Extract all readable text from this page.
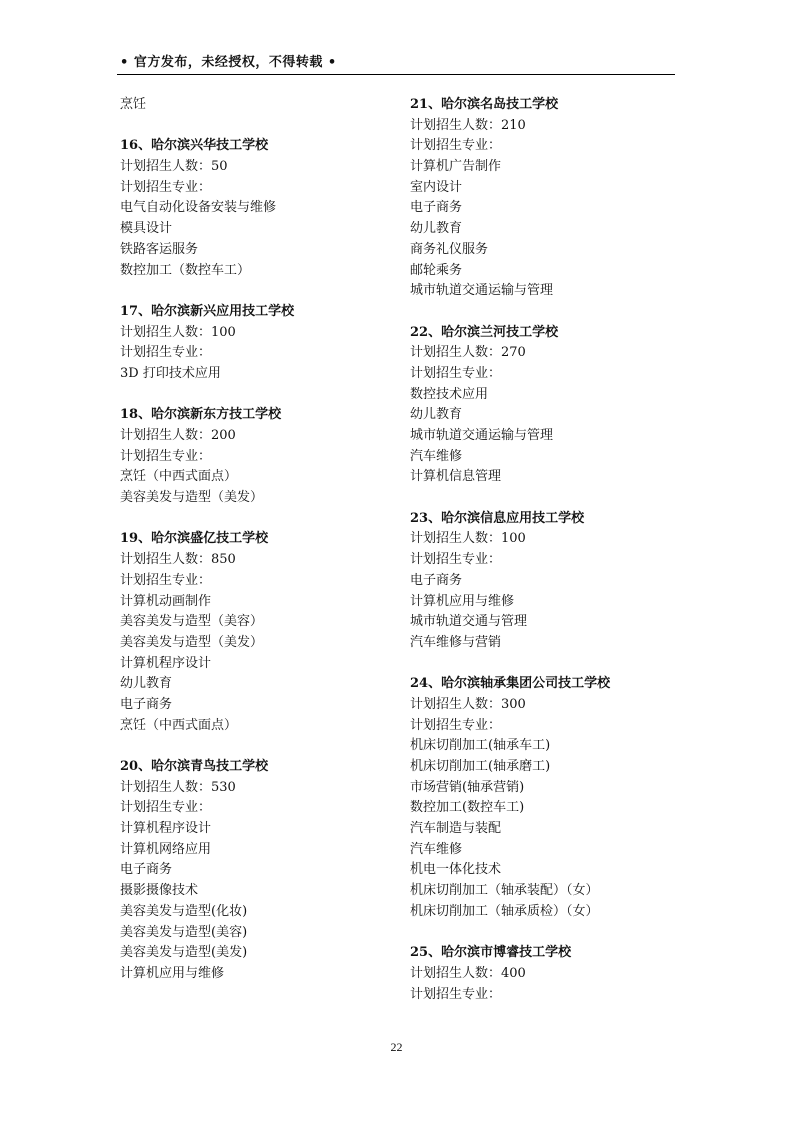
• 官方发布，未经授权，不得转载 •
烹饪
16、哈尔滨兴华技工学校
计划招生人数：50
计划招生专业：
电气自动化设备安装与维修
模具设计
铁路客运服务
数控加工（数控车工）
17、哈尔滨新兴应用技工学校
计划招生人数：100
计划招生专业：
3D 打印技术应用
18、哈尔滨新东方技工学校
计划招生人数：200
计划招生专业：
烹饪（中西式面点）
美容美发与造型（美发）
19、哈尔滨盛亿技工学校
计划招生人数：850
计划招生专业：
计算机动画制作
美容美发与造型（美容）
美容美发与造型（美发）
计算机程序设计
幼儿教育
电子商务
烹饪（中西式面点）
20、哈尔滨青鸟技工学校
计划招生人数：530
计划招生专业：
计算机程序设计
计算机网络应用
电子商务
摄影摄像技术
美容美发与造型(化妆)
美容美发与造型(美容)
美容美发与造型(美发)
计算机应用与维修
21、哈尔滨名岛技工学校
计划招生人数：210
计划招生专业：
计算机广告制作
室内设计
电子商务
幼儿教育
商务礼仪服务
邮轮乘务
城市轨道交通运输与管理
22、哈尔滨兰河技工学校
计划招生人数：270
计划招生专业：
数控技术应用
幼儿教育
城市轨道交通运输与管理
汽车维修
计算机信息管理
23、哈尔滨信息应用技工学校
计划招生人数：100
计划招生专业：
电子商务
计算机应用与维修
城市轨道交通与管理
汽车维修与营销
24、哈尔滨轴承集团公司技工学校
计划招生人数：300
计划招生专业：
机床切削加工(轴承车工)
机床切削加工(轴承磨工)
市场营销(轴承营销)
数控加工(数控车工)
汽车制造与装配
汽车维修
机电一体化技术
机床切削加工（轴承装配）（女）
机床切削加工（轴承质检）（女）
25、哈尔滨市博睿技工学校
计划招生人数：400
计划招生专业：
22
